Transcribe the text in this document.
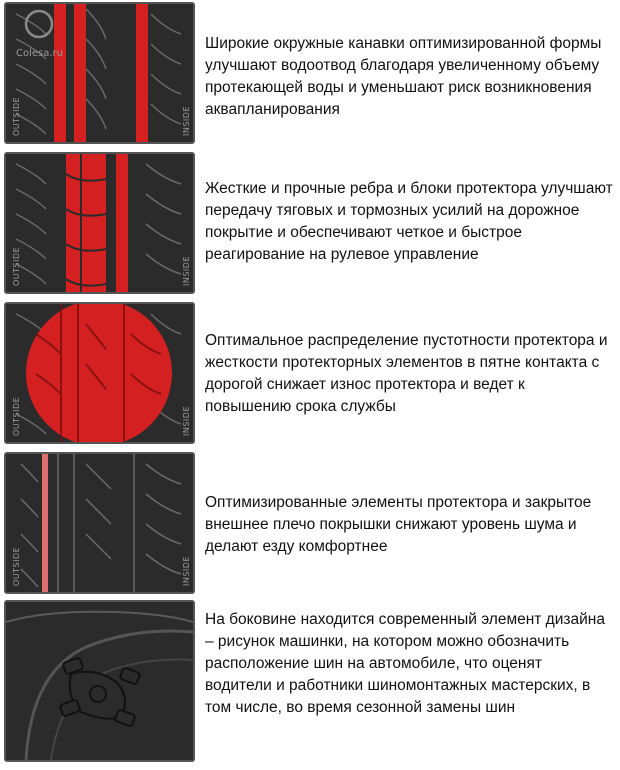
Colesa.ru
OUTSIDE	INSIDE
Широкие окружные канавки оптимизированной формы улучшают водоотвод благодаря увеличенному объему протекающей воды и уменьшают риск возникновения аквапланирования
OUTSIDE	INSIDE
Жесткие и прочные ребра и блоки протектора улучшают передачу тяговых и тормозных усилий на дорожное покрытие и обеспечивают четкое и быстрое реагирование на рулевое управление
OUTSIDE	INSIDE
Оптимальное распределение пустотности протектора и жесткости протекторных элементов в пятне контакта с дорогой снижает износ протектора и ведет к повышению срока службы
OUTSIDE	INSIDE
Оптимизированные элементы протектора и закрытое внешнее плечо покрышки снижают уровень шума и делают езду комфортнее
На боковине находится современный элемент дизайна – рисунок машинки, на котором можно обозначить расположение шин на автомобиле, что оценят водители и работники шиномонтажных мастерских, в том числе, во время сезонной замены шин
